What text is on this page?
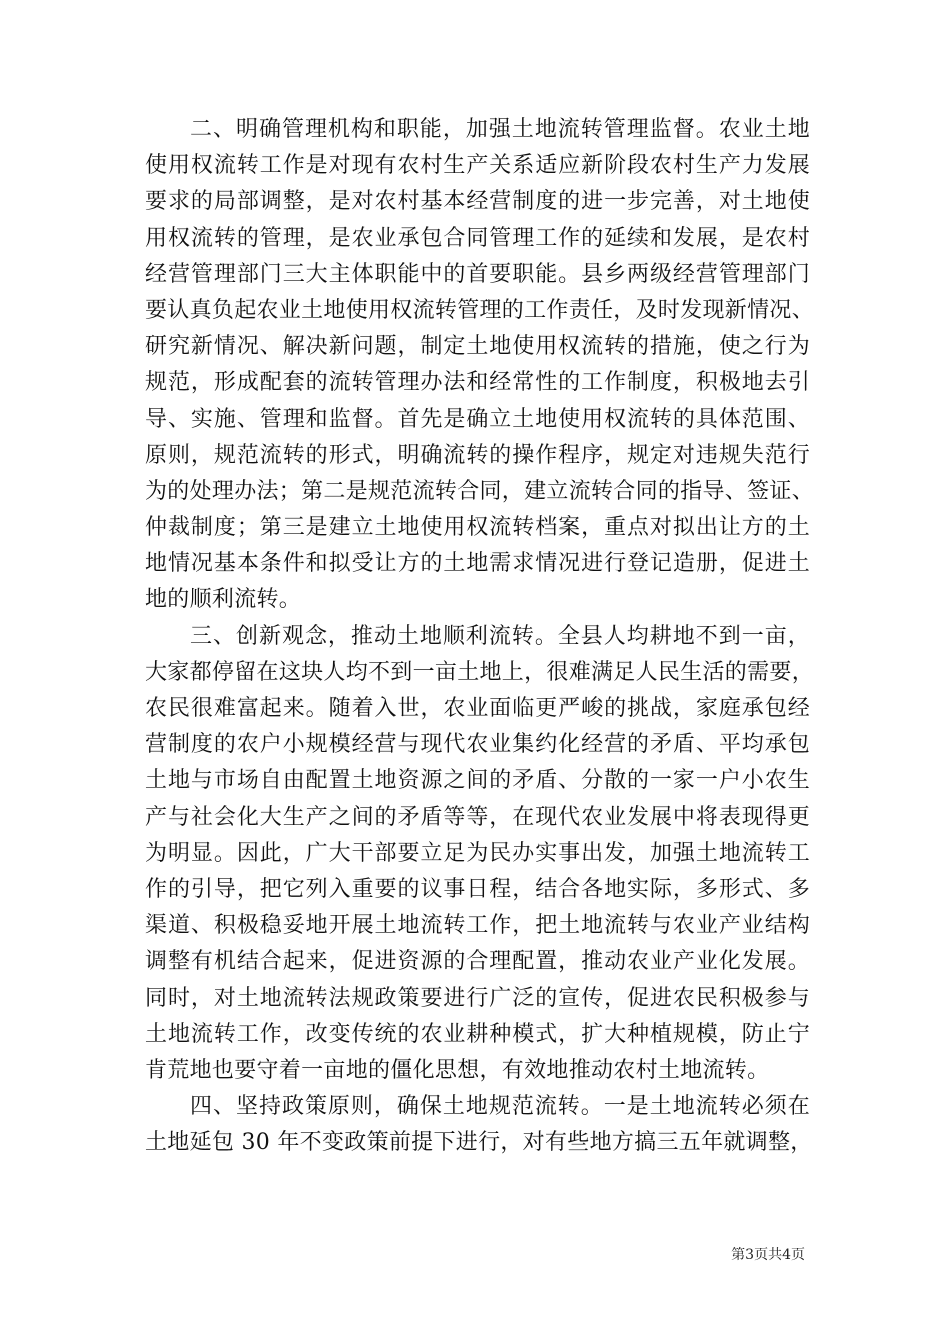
二、明确管理机构和职能，加强土地流转管理监督。农业土地
使用权流转工作是对现有农村生产关系适应新阶段农村生产力发展
要求的局部调整，是对农村基本经营制度的进一步完善，对土地使
用权流转的管理，是农业承包合同管理工作的延续和发展，是农村
经营管理部门三大主体职能中的首要职能。县乡两级经营管理部门
要认真负起农业土地使用权流转管理的工作责任，及时发现新情况、
研究新情况、解决新问题，制定土地使用权流转的措施，使之行为
规范，形成配套的流转管理办法和经常性的工作制度，积极地去引
导、实施、管理和监督。首先是确立土地使用权流转的具体范围、
原则，规范流转的形式，明确流转的操作程序，规定对违规失范行
为的处理办法；第二是规范流转合同，建立流转合同的指导、签证、
仲裁制度；第三是建立土地使用权流转档案，重点对拟出让方的土
地情况基本条件和拟受让方的土地需求情况进行登记造册，促进土
地的顺利流转。
三、创新观念，推动土地顺利流转。全县人均耕地不到一亩，
大家都停留在这块人均不到一亩土地上，很难满足人民生活的需要，
农民很难富起来。随着入世，农业面临更严峻的挑战，家庭承包经
营制度的农户小规模经营与现代农业集约化经营的矛盾、平均承包
土地与市场自由配置土地资源之间的矛盾、分散的一家一户小农生
产与社会化大生产之间的矛盾等等，在现代农业发展中将表现得更
为明显。因此，广大干部要立足为民办实事出发，加强土地流转工
作的引导，把它列入重要的议事日程，结合各地实际，多形式、多
渠道、积极稳妥地开展土地流转工作，把土地流转与农业产业结构
调整有机结合起来，促进资源的合理配置，推动农业产业化发展。
同时，对土地流转法规政策要进行广泛的宣传，促进农民积极参与
土地流转工作，改变传统的农业耕种模式，扩大种植规模，防止宁
肯荒地也要守着一亩地的僵化思想，有效地推动农村土地流转。
四、坚持政策原则，确保土地规范流转。一是土地流转必须在
土地延包 30 年不变政策前提下进行，对有些地方搞三五年就调整，
第3页共4页
